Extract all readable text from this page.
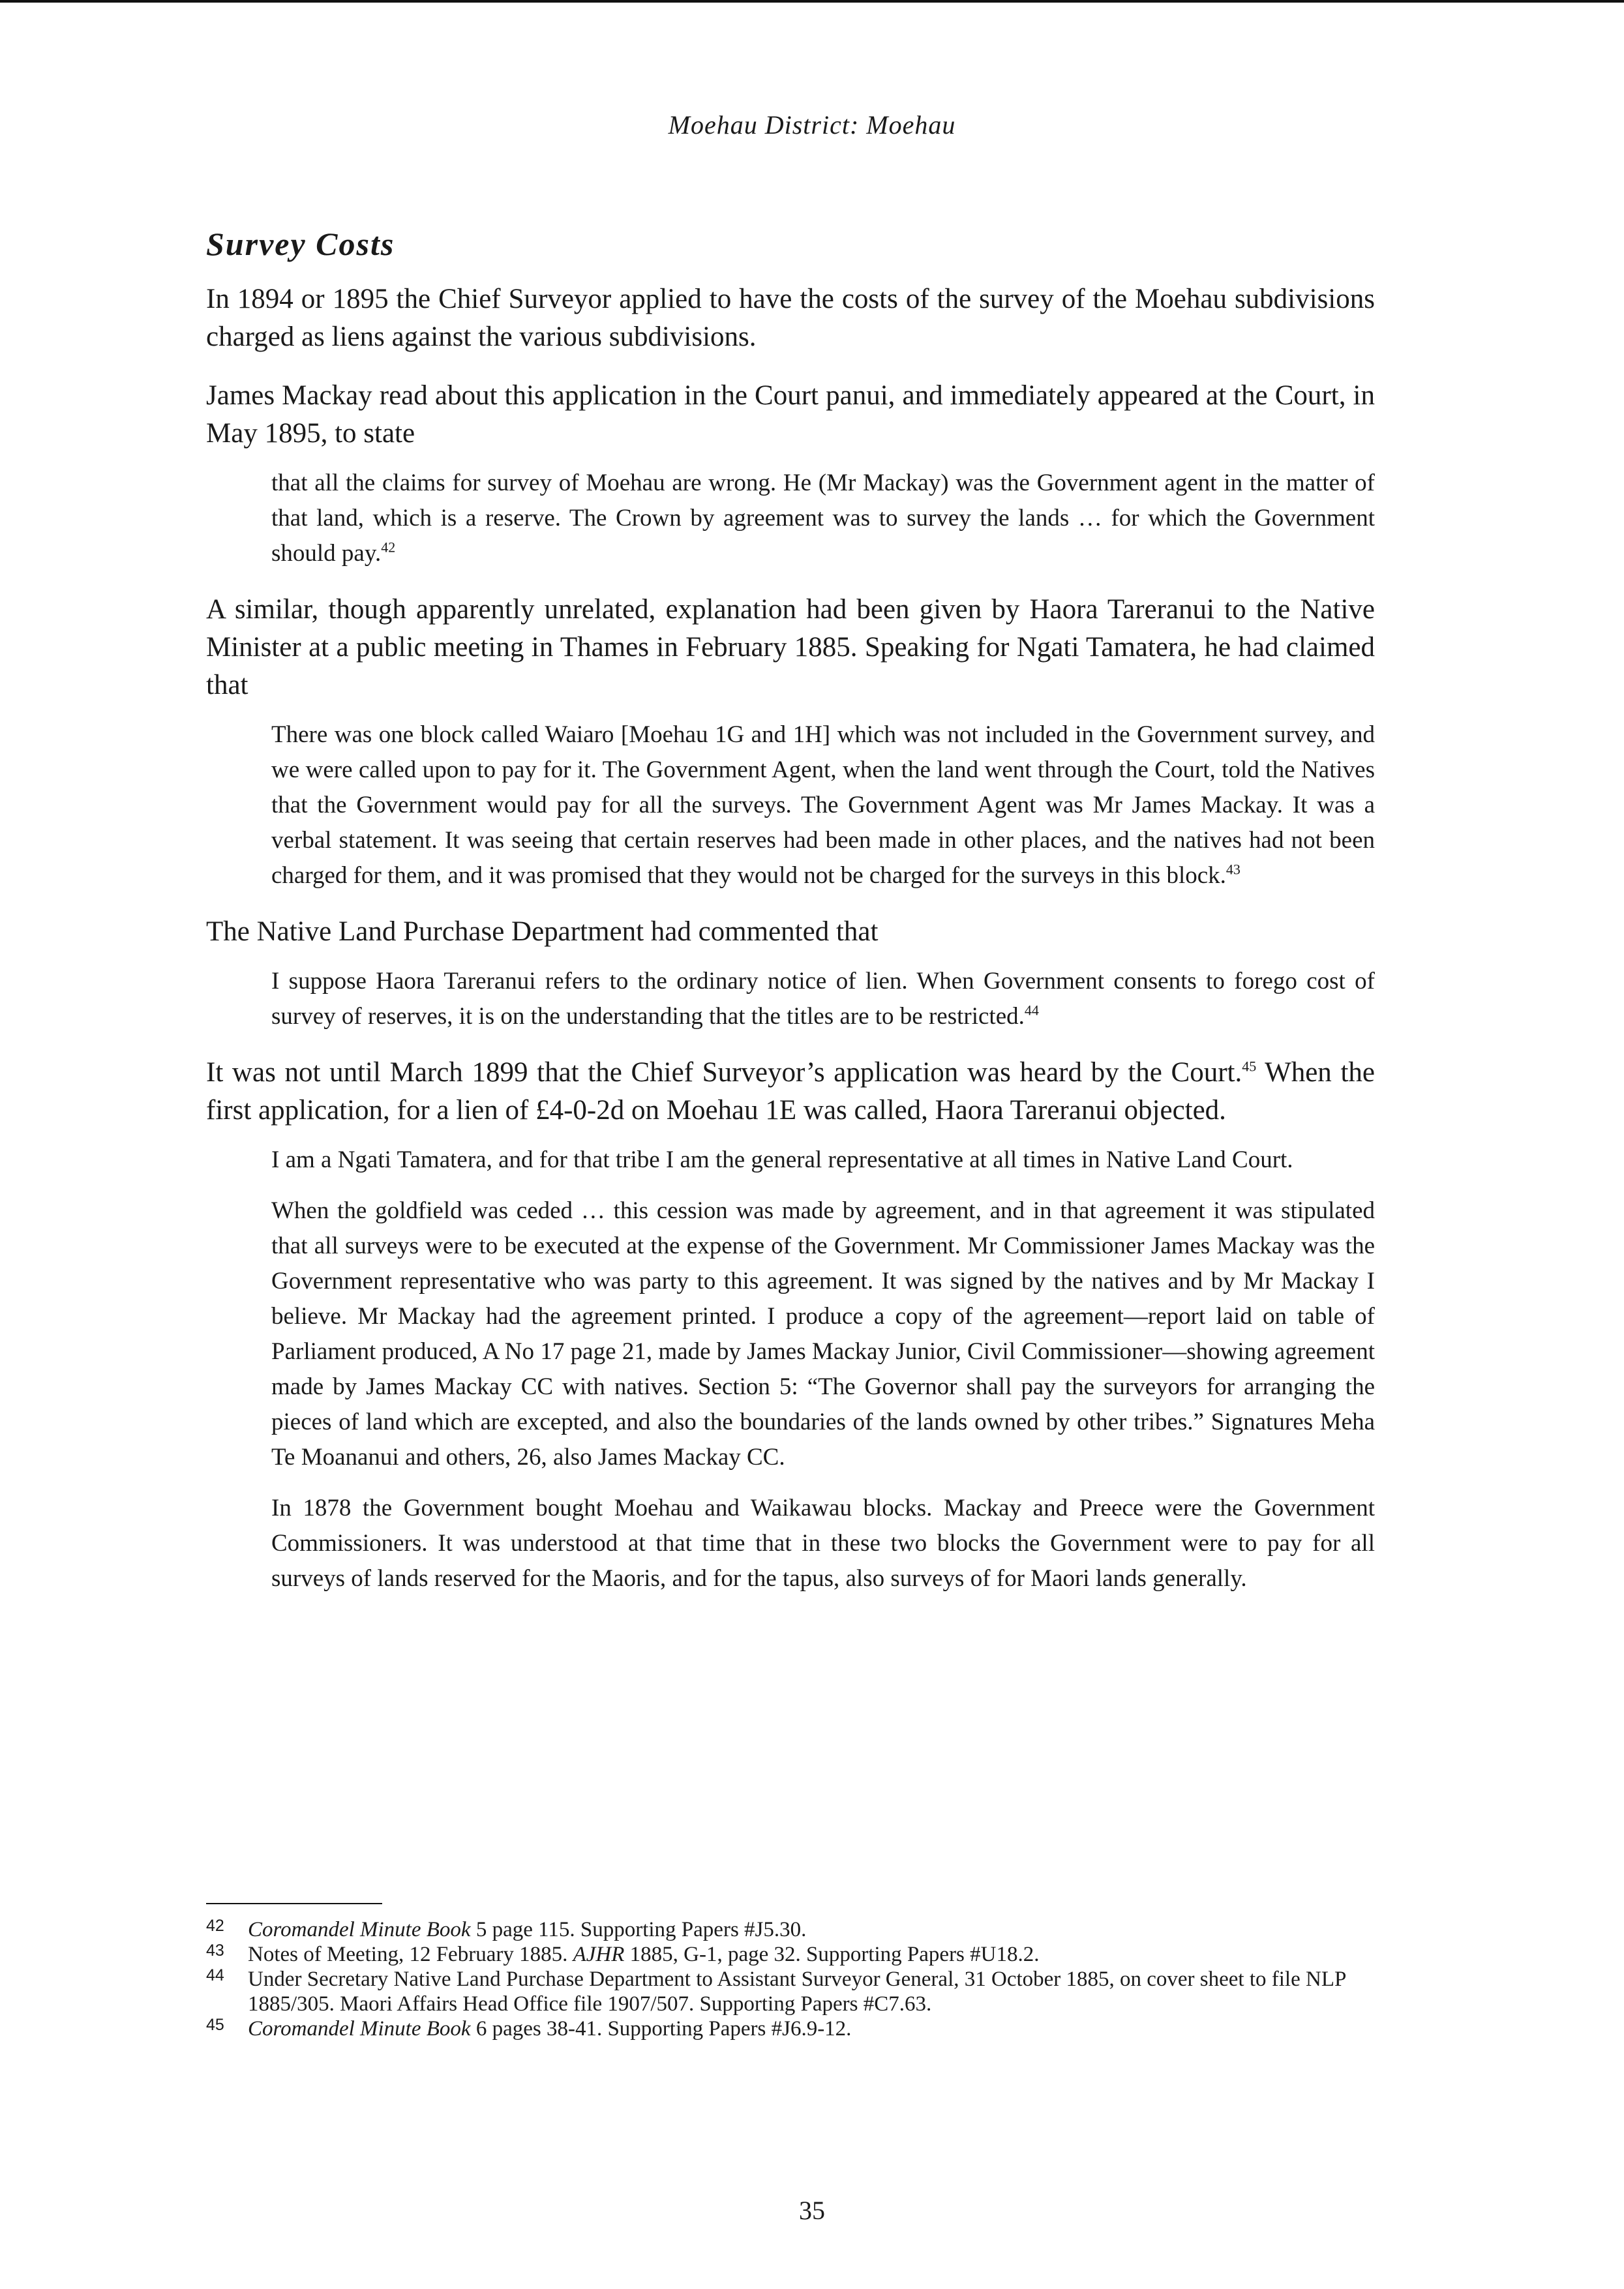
Moehau District: Moehau
Survey Costs

In 1894 or 1895 the Chief Surveyor applied to have the costs of the survey of the Moehau subdivisions charged as liens against the various subdivisions.

James Mackay read about this application in the Court panui, and immediately appeared at the Court, in May 1895, to state

that all the claims for survey of Moehau are wrong. He (Mr Mackay) was the Government agent in the matter of that land, which is a reserve. The Crown by agreement was to survey the lands … for which the Government should pay.$^{42}$

A similar, though apparently unrelated, explanation had been given by Haora Tareranui to the Native Minister at a public meeting in Thames in February 1885. Speaking for Ngati Tamatera, he had claimed that

There was one block called Waiaro [Moehau 1G and 1H] which was not included in the Government survey, and we were called upon to pay for it. The Government Agent, when the land went through the Court, told the Natives that the Government would pay for all the surveys. The Government Agent was Mr James Mackay. It was a verbal statement. It was seeing that certain reserves had been made in other places, and the natives had not been charged for them, and it was promised that they would not be charged for the surveys in this block.$^{43}$

The Native Land Purchase Department had commented that

I suppose Haora Tareranui refers to the ordinary notice of lien. When Government consents to forego cost of survey of reserves, it is on the understanding that the titles are to be restricted.$^{44}$

It was not until March 1899 that the Chief Surveyor’s application was heard by the Court.$^{45}$ When the first application, for a lien of £4-0-2d on Moehau 1E was called, Haora Tareranui objected.

I am a Ngati Tamatera, and for that tribe I am the general representative at all times in Native Land Court.

When the goldfield was ceded … this cession was made by agreement, and in that agreement it was stipulated that all surveys were to be executed at the expense of the Government. Mr Commissioner James Mackay was the Government representative who was party to this agreement. It was signed by the natives and by Mr Mackay I believe. Mr Mackay had the agreement printed. I produce a copy of the agreement—report laid on table of Parliament produced, A No 17 page 21, made by James Mackay Junior, Civil Commissioner—showing agreement made by James Mackay CC with natives. Section 5: “The Governor shall pay the surveyors for arranging the pieces of land which are excepted, and also the boundaries of the lands owned by other tribes.” Signatures Meha Te Moananui and others, 26, also James Mackay CC.

In 1878 the Government bought Moehau and Waikawau blocks. Mackay and Preece were the Government Commissioners. It was understood at that time that in these two blocks the Government were to pay for all surveys of lands reserved for the Maoris, and for the tapus, also surveys of for Maori lands generally.

42 Coromandel Minute Book 5 page 115. Supporting Papers #J5.30.

43 Notes of Meeting, 12 February 1885. AJHR 1885, G-1, page 32. Supporting Papers #U18.2.

44 Under Secretary Native Land Purchase Department to Assistant Surveyor General, 31 October 1885, on cover sheet to file NLP 1885/305. Maori Affairs Head Office file 1907/507. Supporting Papers #C7.63.

45 Coromandel Minute Book 6 pages 38-41. Supporting Papers #J6.9-12.

35
